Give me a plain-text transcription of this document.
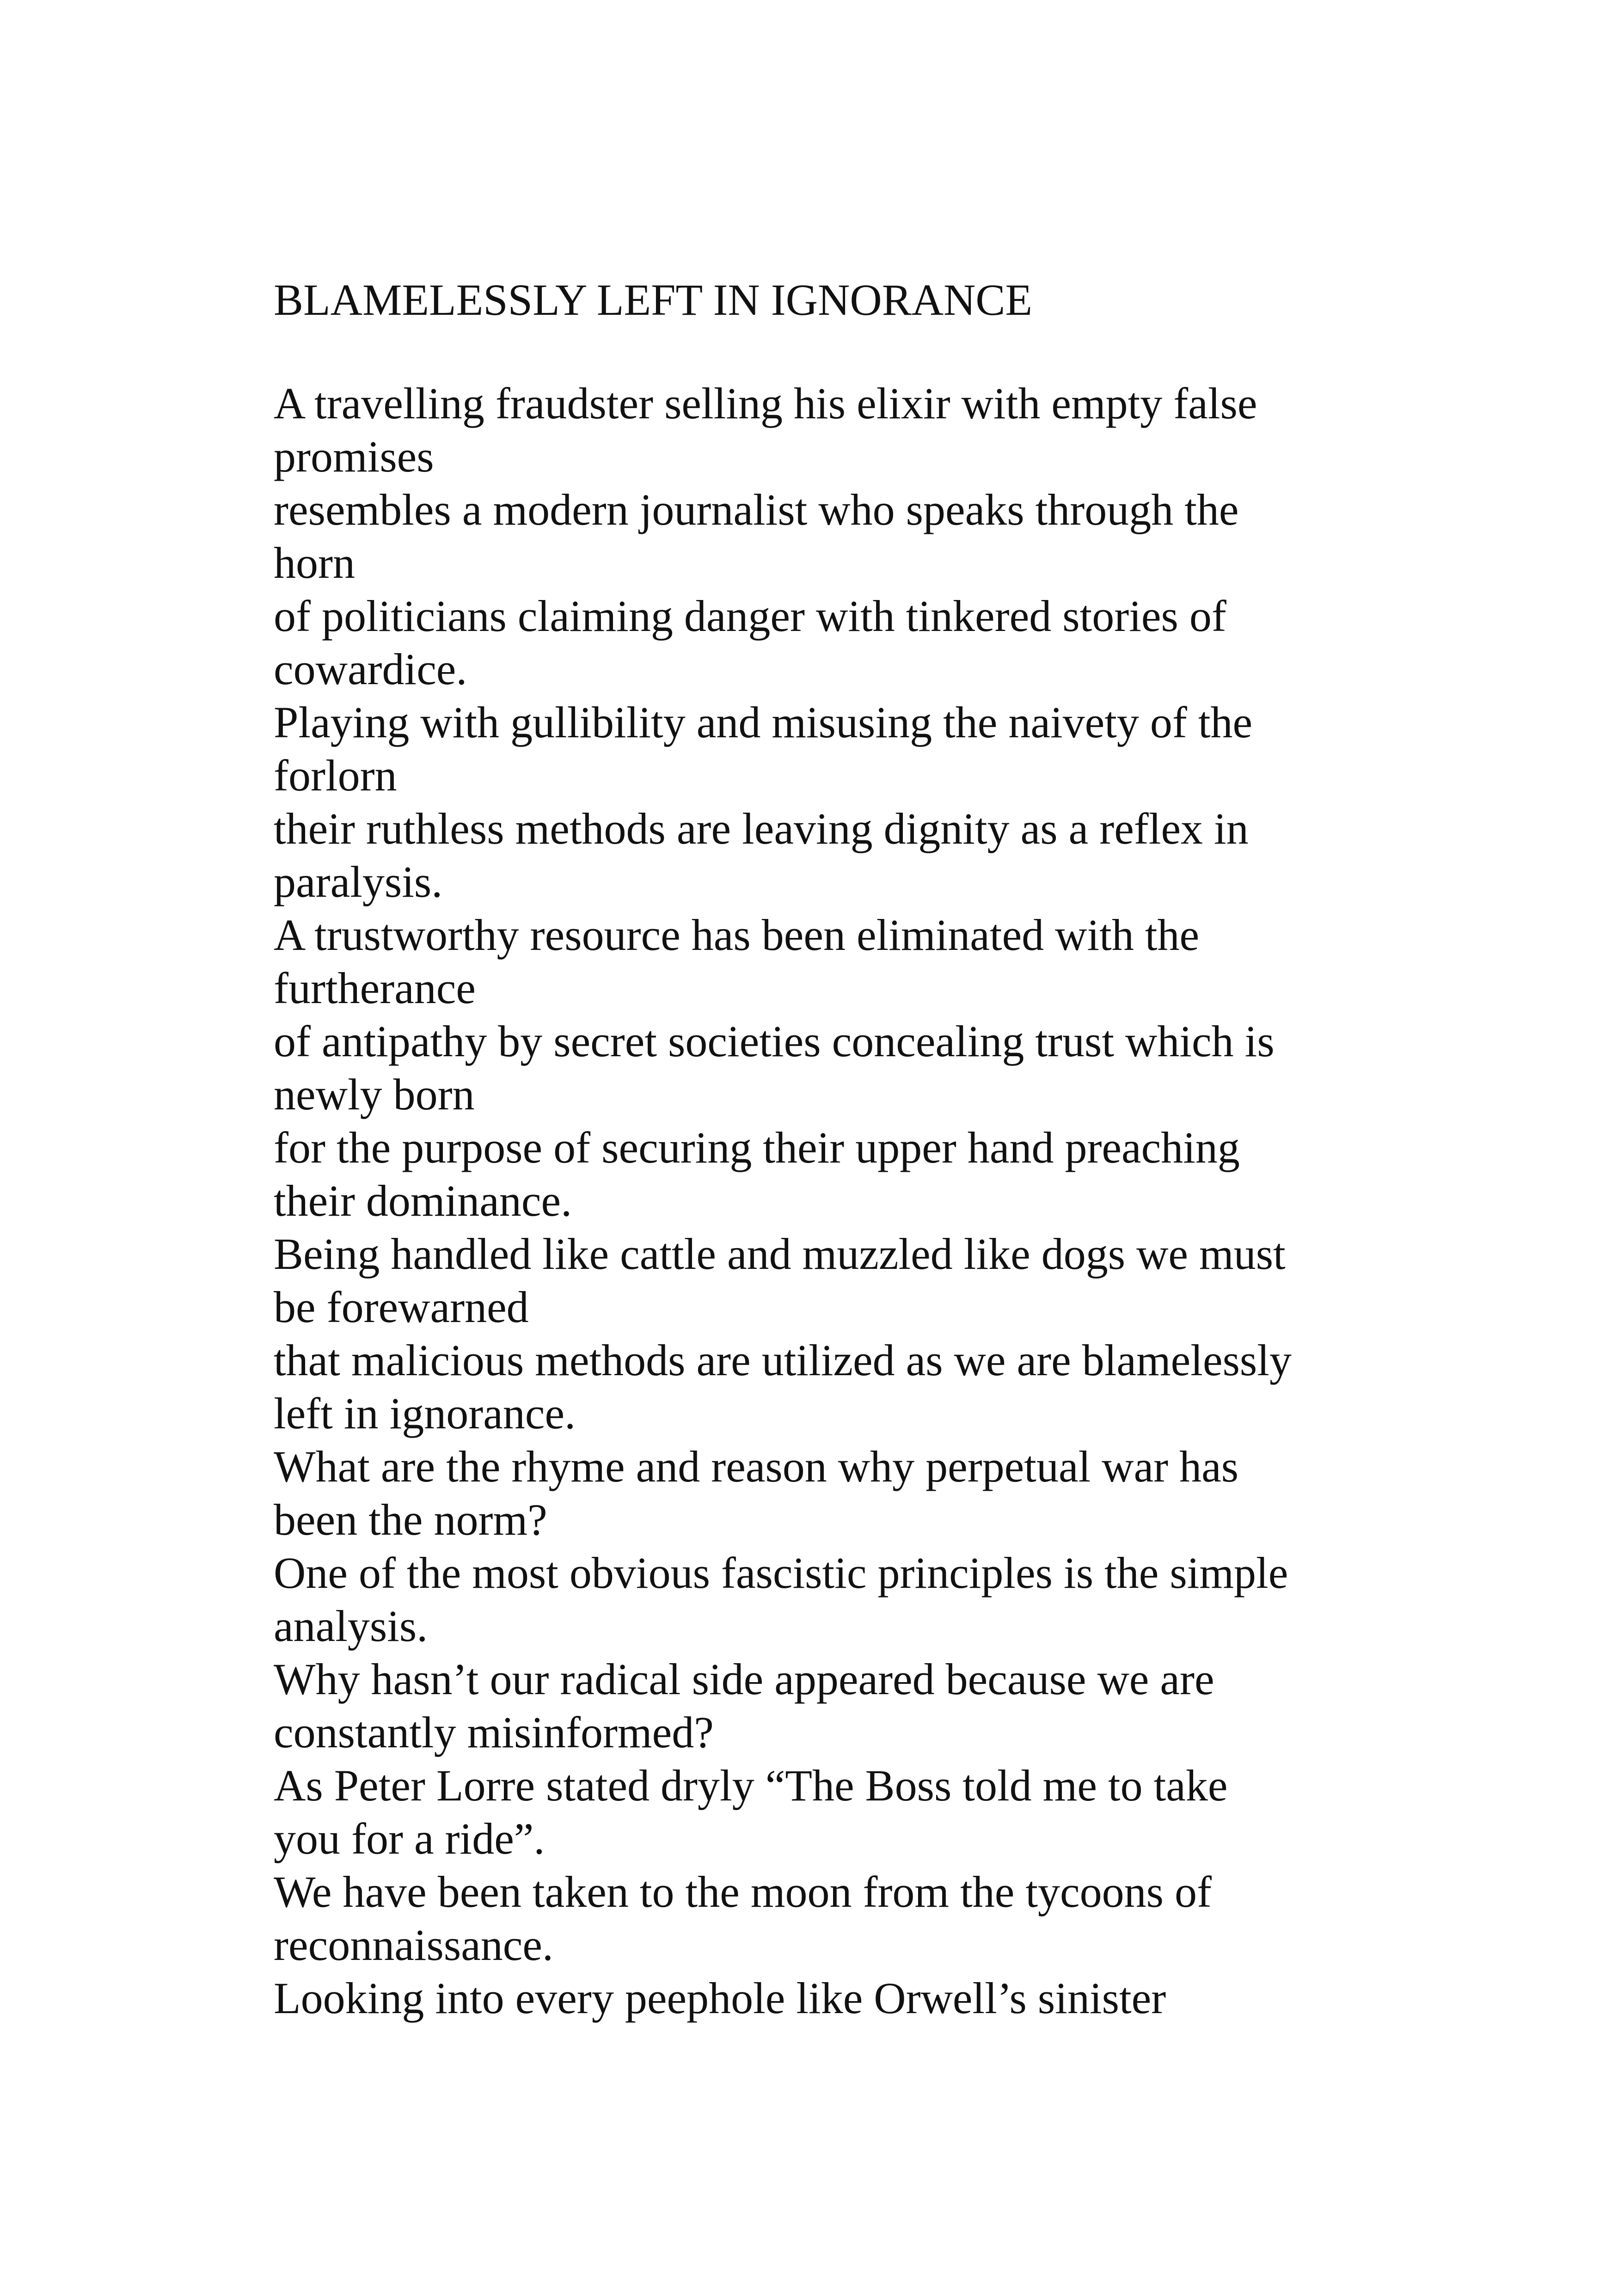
BLAMELESSLY LEFT IN IGNORANCE
A travelling fraudster selling his elixir with empty false
promises
resembles a modern journalist who speaks through the
horn
of politicians claiming danger with tinkered stories of
cowardice.
Playing with gullibility and misusing the naivety of the
forlorn
their ruthless methods are leaving dignity as a reflex in
paralysis.
A trustworthy resource has been eliminated with the
furtherance
of antipathy by secret societies concealing trust which is
newly born
for the purpose of securing their upper hand preaching
their dominance.
Being handled like cattle and muzzled like dogs we must
be forewarned
that malicious methods are utilized as we are blamelessly
left in ignorance.
What are the rhyme and reason why perpetual war has
been the norm?
One of the most obvious fascistic principles is the simple
analysis.
Why hasn’t our radical side appeared because we are
constantly misinformed?
As Peter Lorre stated dryly “The Boss told me to take
you for a ride”.
We have been taken to the moon from the tycoons of
reconnaissance.
Looking into every peephole like Orwell’s sinister
